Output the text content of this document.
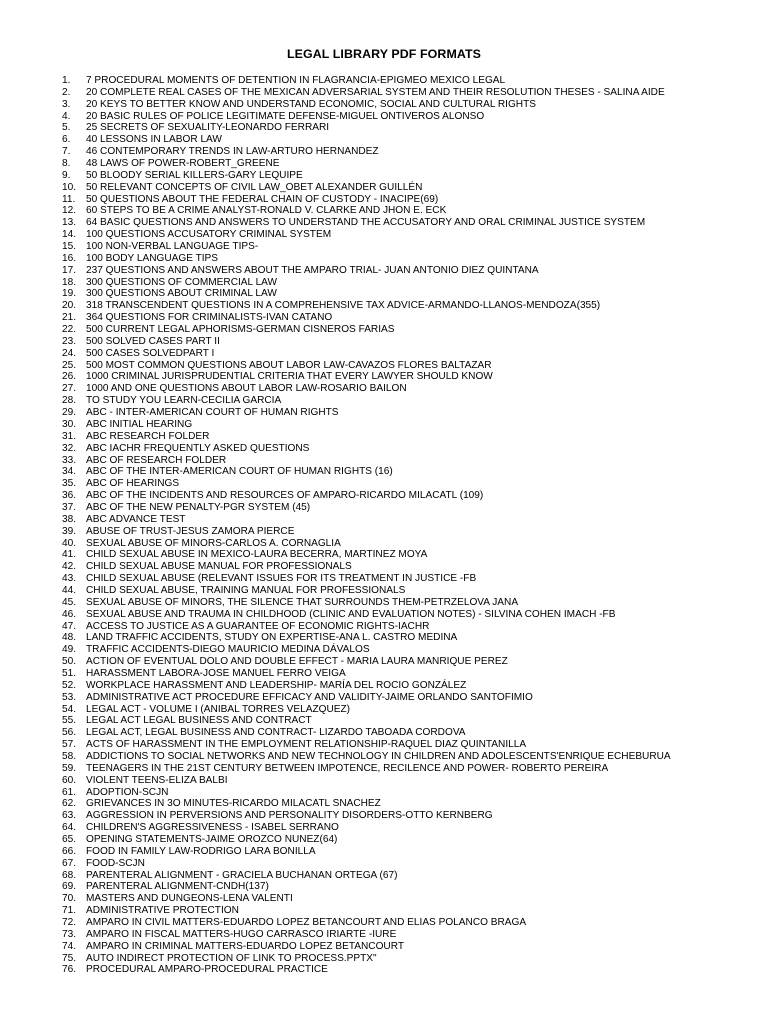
LEGAL LIBRARY PDF FORMATS
1. 7 PROCEDURAL MOMENTS OF DETENTION IN FLAGRANCIA-EPIGMEO MEXICO LEGAL
2. 20 COMPLETE REAL CASES OF THE MEXICAN ADVERSARIAL SYSTEM AND THEIR RESOLUTION THESES - SALINA AIDE
3. 20 KEYS TO BETTER KNOW AND UNDERSTAND ECONOMIC, SOCIAL AND CULTURAL RIGHTS
4. 20 BASIC RULES OF POLICE LEGITIMATE DEFENSE-MIGUEL ONTIVEROS ALONSO
5. 25 SECRETS OF SEXUALITY-LEONARDO FERRARI
6. 40 LESSONS IN LABOR LAW
7. 46 CONTEMPORARY TRENDS IN LAW-ARTURO HERNANDEZ
8. 48 LAWS OF POWER-ROBERT_GREENE
9. 50 BLOODY SERIAL KILLERS-GARY LEQUIPE
10. 50 RELEVANT CONCEPTS OF CIVIL LAW_OBET ALEXANDER GUILLÉN
11. 50 QUESTIONS ABOUT THE FEDERAL CHAIN OF CUSTODY - INACIPE(69)
12. 60 STEPS TO BE A CRIME ANALYST-RONALD V. CLARKE AND JHON E. ECK
13. 64 BASIC QUESTIONS AND ANSWERS TO UNDERSTAND THE ACCUSATORY AND ORAL CRIMINAL JUSTICE SYSTEM
14. 100 QUESTIONS ACCUSATORY CRIMINAL SYSTEM
15. 100 NON-VERBAL LANGUAGE TIPS-
16. 100 BODY LANGUAGE TIPS
17. 237 QUESTIONS AND ANSWERS ABOUT THE AMPARO TRIAL- JUAN ANTONIO DIEZ QUINTANA
18. 300 QUESTIONS OF COMMERCIAL LAW
19. 300 QUESTIONS ABOUT CRIMINAL LAW
20. 318 TRANSCENDENT QUESTIONS IN A COMPREHENSIVE TAX ADVICE-ARMANDO-LLANOS-MENDOZA(355)
21. 364 QUESTIONS FOR CRIMINALISTS-IVAN CATANO
22. 500 CURRENT LEGAL APHORISMS-GERMAN CISNEROS FARIAS
23. 500 SOLVED CASES PART II
24. 500 CASES SOLVEDPART I
25. 500 MOST COMMON QUESTIONS ABOUT LABOR LAW-CAVAZOS FLORES BALTAZAR
26. 1000 CRIMINAL JURISPRUDENTIAL CRITERIA THAT EVERY LAWYER SHOULD KNOW
27. 1000 AND ONE QUESTIONS ABOUT LABOR LAW-ROSARIO BAILON
28. TO STUDY YOU LEARN-CECILIA GARCIA
29. ABC - INTER-AMERICAN COURT OF HUMAN RIGHTS
30. ABC INITIAL HEARING
31. ABC RESEARCH FOLDER
32. ABC IACHR FREQUENTLY ASKED QUESTIONS
33. ABC OF RESEARCH FOLDER
34. ABC OF THE INTER-AMERICAN COURT OF HUMAN RIGHTS (16)
35. ABC OF HEARINGS
36. ABC OF THE INCIDENTS AND RESOURCES OF AMPARO-RICARDO MILACATL (109)
37. ABC OF THE NEW PENALTY-PGR SYSTEM (45)
38. ABC ADVANCE TEST
39. ABUSE OF TRUST-JESUS ZAMORA PIERCE
40. SEXUAL ABUSE OF MINORS-CARLOS A. CORNAGLIA
41. CHILD SEXUAL ABUSE IN MEXICO-LAURA BECERRA, MARTINEZ MOYA
42. CHILD SEXUAL ABUSE MANUAL FOR PROFESSIONALS
43. CHILD SEXUAL ABUSE (RELEVANT ISSUES FOR ITS TREATMENT IN JUSTICE -FB
44. CHILD SEXUAL ABUSE, TRAINING MANUAL FOR PROFESSIONALS
45. SEXUAL ABUSE OF MINORS, THE SILENCE THAT SURROUNDS THEM-PETRZELOVA JANA
46. SEXUAL ABUSE AND TRAUMA IN CHILDHOOD (CLINIC AND EVALUATION NOTES) - SILVINA COHEN IMACH -FB
47. ACCESS TO JUSTICE AS A GUARANTEE OF ECONOMIC RIGHTS-IACHR
48. LAND TRAFFIC ACCIDENTS, STUDY ON EXPERTISE-ANA L. CASTRO MEDINA
49. TRAFFIC ACCIDENTS-DIEGO MAURICIO MEDINA DÁVALOS
50. ACTION OF EVENTUAL DOLO AND DOUBLE EFFECT - MARIA LAURA MANRIQUE PEREZ
51. HARASSMENT LABORA-JOSE MANUEL FERRO VEIGA
52. WORKPLACE HARASSMENT AND LEADERSHIP- MARÍA DEL ROCIO GONZÁLEZ
53. ADMINISTRATIVE ACT PROCEDURE EFFICACY AND VALIDITY-JAIME ORLANDO SANTOFIMIO
54. LEGAL ACT - VOLUME I (ANIBAL TORRES VELAZQUEZ)
55. LEGAL ACT LEGAL BUSINESS AND CONTRACT
56. LEGAL ACT, LEGAL BUSINESS AND CONTRACT- LIZARDO TABOADA CORDOVA
57. ACTS OF HARASSMENT IN THE EMPLOYMENT RELATIONSHIP-RAQUEL DIAZ QUINTANILLA
58. ADDICTIONS TO SOCIAL NETWORKS AND NEW TECHNOLOGY IN CHILDREN AND ADOLESCENTS'ENRIQUE ECHEBURUA
59. TEENAGERS IN THE 21ST CENTURY BETWEEN IMPOTENCE, RECILENCE AND POWER- ROBERTO PEREIRA
60. VIOLENT TEENS-ELIZA BALBI
61. ADOPTION-SCJN
62. GRIEVANCES IN 3O MINUTES-RICARDO MILACATL SNACHEZ
63. AGGRESSION IN PERVERSIONS AND PERSONALITY DISORDERS-OTTO KERNBERG
64. CHILDREN'S AGGRESSIVENESS - ISABEL SERRANO
65. OPENING STATEMENTS-JAIME OROZCO NUNEZ(64)
66. FOOD IN FAMILY LAW-RODRIGO LARA BONILLA
67. FOOD-SCJN
68. PARENTERAL ALIGNMENT - GRACIELA BUCHANAN ORTEGA (67)
69. PARENTERAL ALIGNMENT-CNDH(137)
70. MASTERS AND DUNGEONS-LENA VALENTI
71. ADMINISTRATIVE PROTECTION
72. AMPARO IN CIVIL MATTERS-EDUARDO LOPEZ BETANCOURT AND ELIAS POLANCO BRAGA
73. AMPARO IN FISCAL MATTERS-HUGO CARRASCO IRIARTE -IURE
74. AMPARO IN CRIMINAL MATTERS-EDUARDO LOPEZ BETANCOURT
75. AUTO INDIRECT PROTECTION OF LINK TO PROCESS.PPTX"
76. PROCEDURAL AMPARO-PROCEDURAL PRACTICE
